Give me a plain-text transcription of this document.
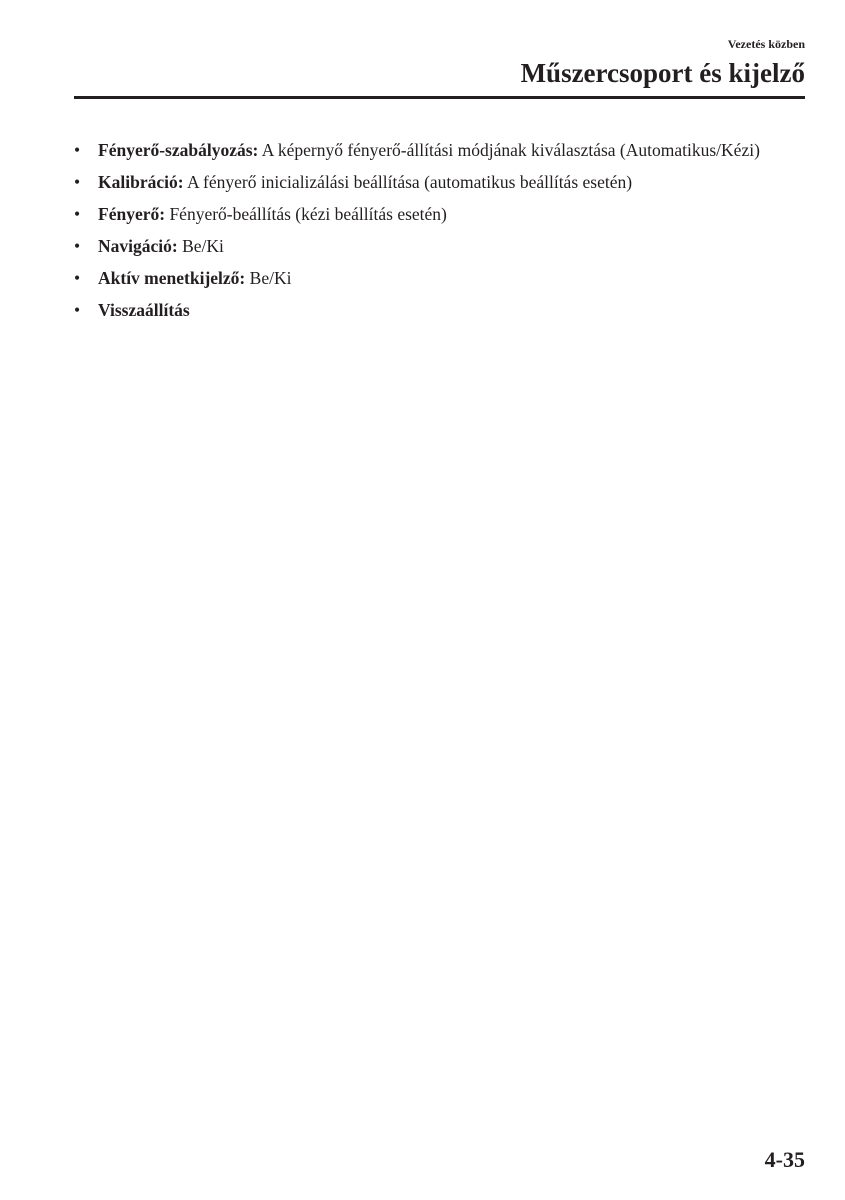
Vezetés közben
Műszercsoport és kijelző
• Fényerő-szabályozás: A képernyő fényerő-állítási módjának kiválasztása (Automatikus/Kézi)
• Kalibráció: A fényerő inicializálási beállítása (automatikus beállítás esetén)
• Fényerő: Fényerő-beállítás (kézi beállítás esetén)
• Navigáció: Be/Ki
• Aktív menetkijelző: Be/Ki
• Visszaállítás
4-35
